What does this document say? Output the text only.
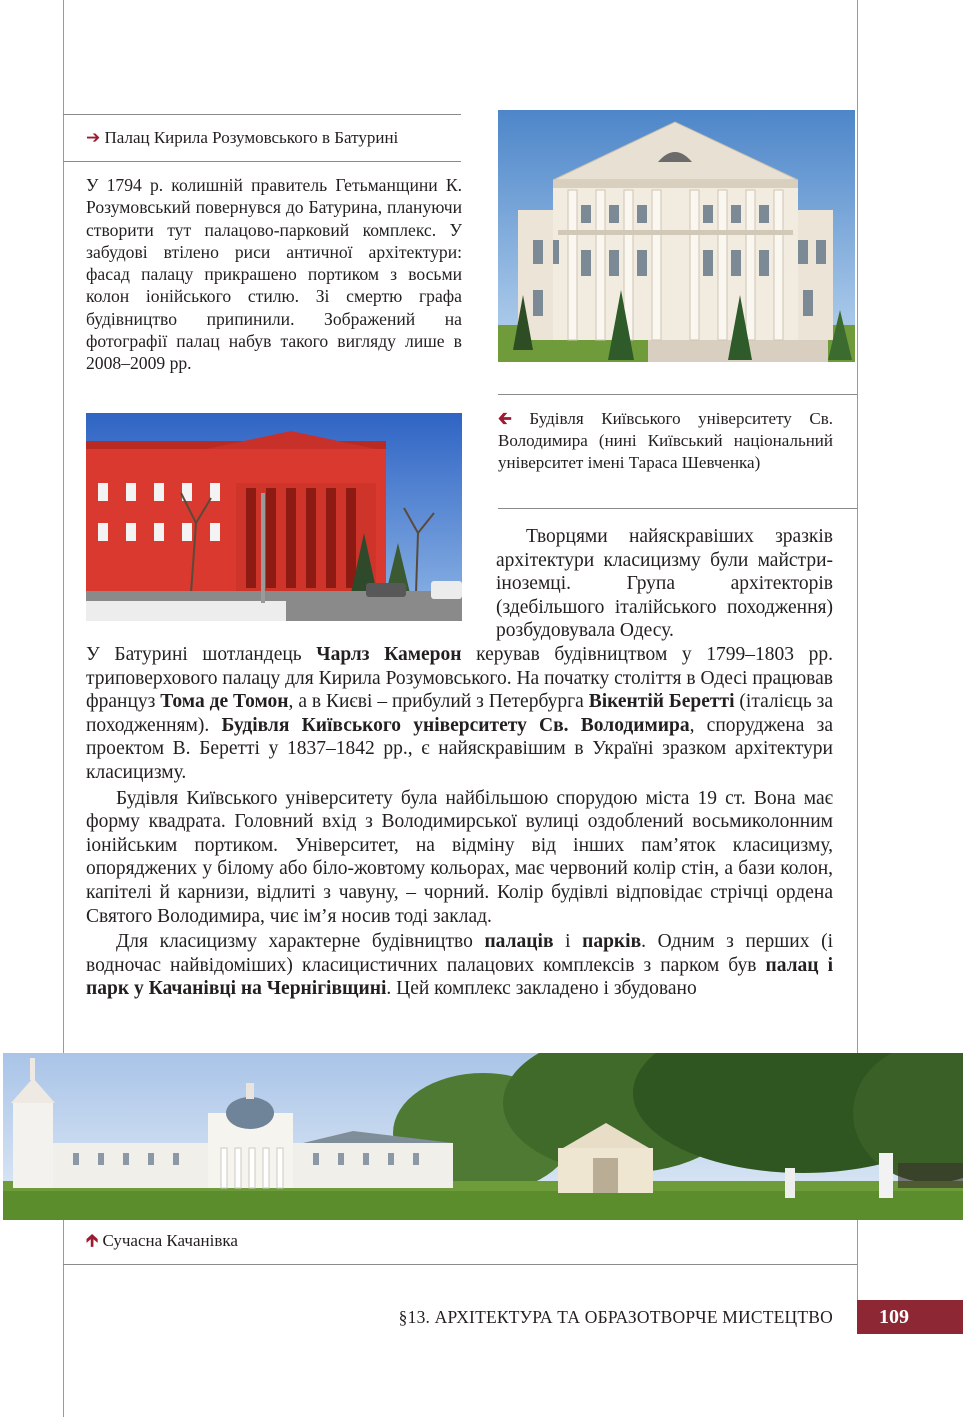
➔ Палац Кирила Розумовського в Батурині
У 1794 р. колишній правитель Гетьманщини К. Розумовський повернувся до Батурина, плануючи створити тут палацово-парковий комплекс. У забудові втілено риси античної архітектури: фасад палацу прикрашено портиком з восьми колон іонійського стилю. Зі смертю графа будівництво припинили. Зображений на фотографії палац набув такого вигляду лише в 2008–2009 рр.
🡰 Будівля Київського університету Св. Володимира (нині Київський національний університет імені Тараса Шевченка)

Творцями найяскравіших зразків архітектури класицизму були майстри-іноземці. Група архітекторів (здебільшого італійського походження) розбудовувала Одесу.

У Батурині шотландець Чарлз Камерон керував будівництвом у 1799–1803 рр. триповерхового палацу для Кирила Розумовського. На початку століття в Одесі працював француз Тома де Томон, а в Києві – прибулий з Петербурга Вікентій Беретті (італієць за походженням). Будівля Київського університету Св. Володимира, споруджена за проектом В. Беретті у 1837–1842 рр., є найяскравішим в Україні зразком архітектури класицизму.

Будівля Київського університету була найбільшою спорудою міста 19 ст. Вона має форму квадрата. Головний вхід з Володимирської вулиці оздоблений восьмиколонним іонійським портиком. Університет, на відміну від інших пам’яток класицизму, опоряджених у білому або біло-жовтому кольорах, має червоний колір стін, а бази колон, капітелі й карнизи, відлиті з чавуну, – чорний. Колір будівлі відповідає стрічці ордена Святого Володимира, чиє ім’я носив тоді заклад.

Для класицизму характерне будівництво палаців і парків. Одним з перших (і водночас найвідоміших) класицистичних палацових комплексів з парком був палац і парк у Качанівці на Чернігівщині. Цей комплекс закладено і збудовано

🡱 Сучасна Качанівка
§13. АРХІТЕКТУРА ТА ОБРАЗОТВОРЧЕ МИСТЕЦТВО	109
